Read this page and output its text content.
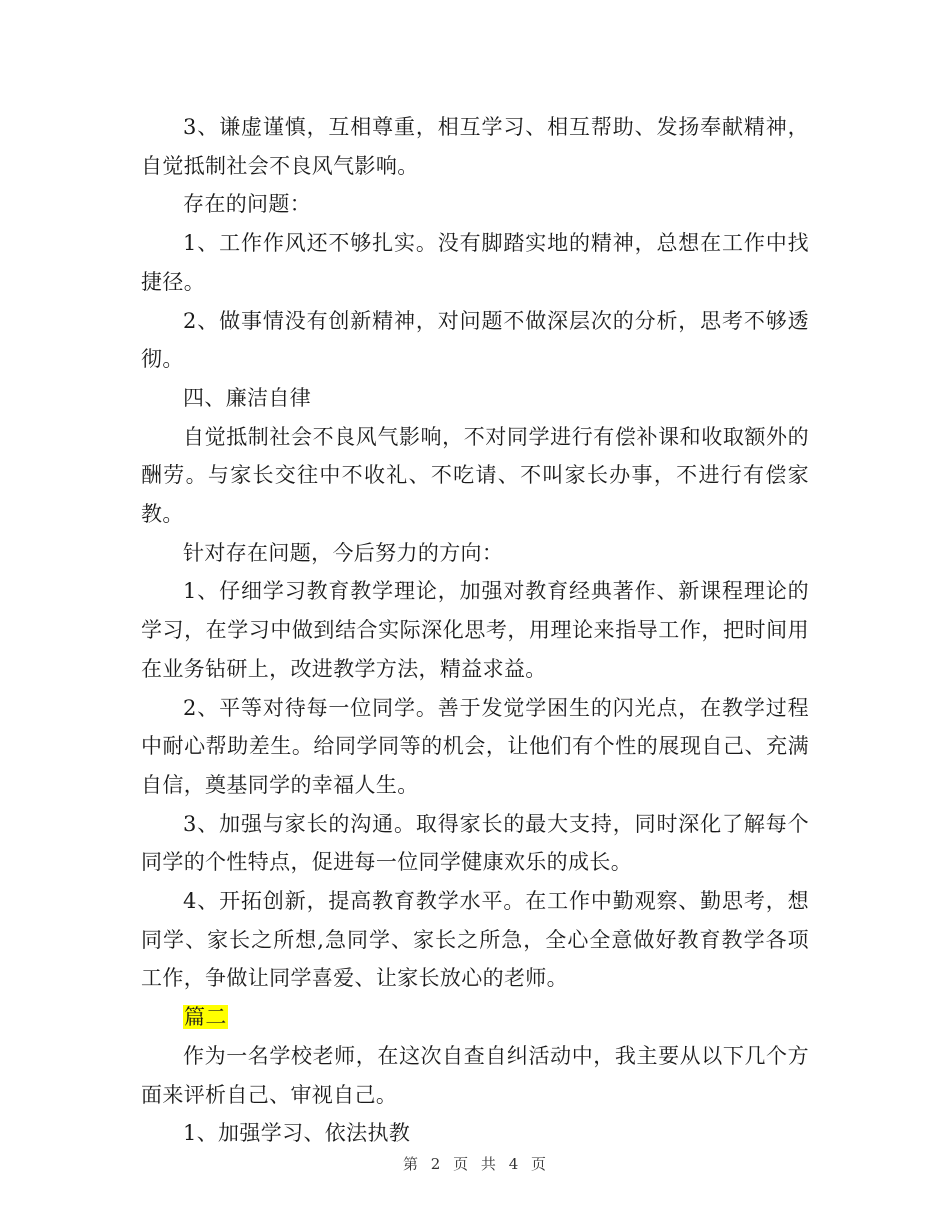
3、谦虚谨慎，互相尊重，相互学习、相互帮助、发扬奉献精神，自觉抵制社会不良风气影响。

存在的问题：

1、工作作风还不够扎实。没有脚踏实地的精神，总想在工作中找捷径。

2、做事情没有创新精神，对问题不做深层次的分析，思考不够透彻。

四、廉洁自律

自觉抵制社会不良风气影响，不对同学进行有偿补课和收取额外的酬劳。与家长交往中不收礼、不吃请、不叫家长办事，不进行有偿家教。

针对存在问题，今后努力的方向：

1、仔细学习教育教学理论，加强对教育经典著作、新课程理论的学习，在学习中做到结合实际深化思考，用理论来指导工作，把时间用在业务钻研上，改进教学方法，精益求益。

2、平等对待每一位同学。善于发觉学困生的闪光点，在教学过程中耐心帮助差生。给同学同等的机会，让他们有个性的展现自己、充满自信，奠基同学的幸福人生。

3、加强与家长的沟通。取得家长的最大支持，同时深化了解每个同学的个性特点，促进每一位同学健康欢乐的成长。

4、开拓创新，提高教育教学水平。在工作中勤观察、勤思考，想同学、家长之所想,急同学、家长之所急，全心全意做好教育教学各项工作，争做让同学喜爱、让家长放心的老师。

篇二

作为一名学校老师，在这次自查自纠活动中，我主要从以下几个方面来评析自己、审视自己。

1、加强学习、依法执教

第 2 页 共 4 页
